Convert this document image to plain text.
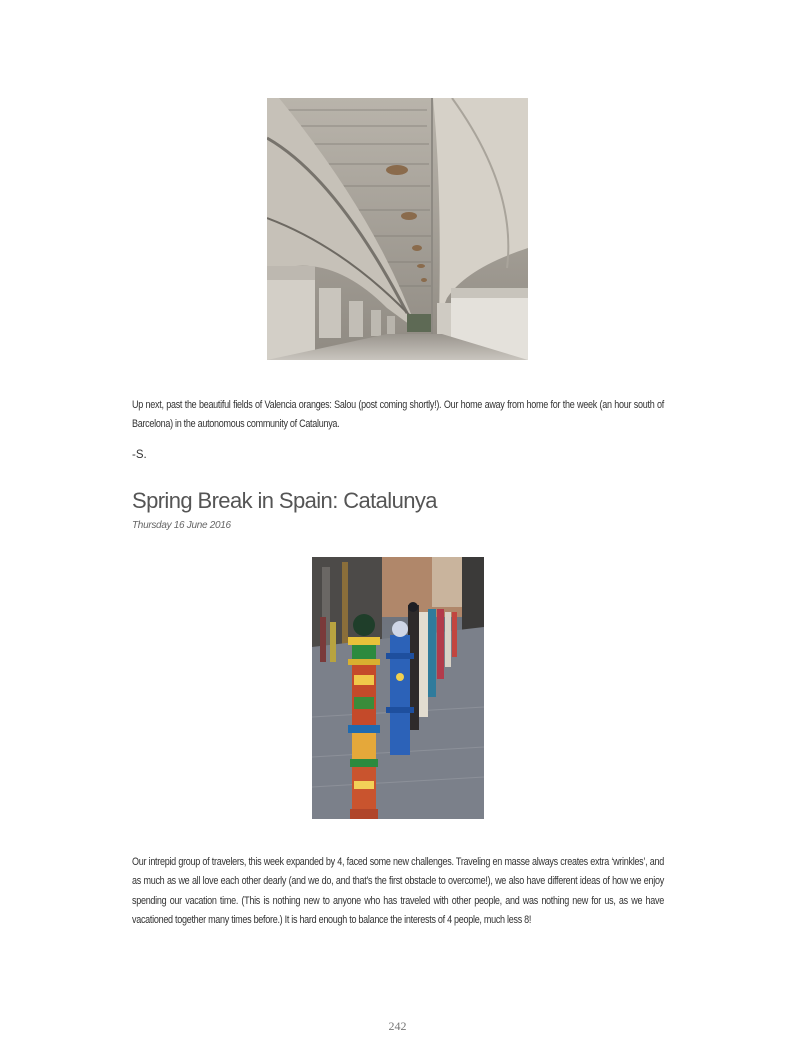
Up next, past the beautiful fields of Valencia oranges: Salou (post coming shortly!). Our home away from home for the week (an hour south of Barcelona) in the autonomous community of Catalunya.

-S.
Spring Break in Spain: Catalunya
Thursday 16 June 2016

Our intrepid group of travelers, this week expanded by 4, faced some new challenges. Traveling en masse always creates extra ‘wrinkles’, and as much as we all love each other dearly (and we do, and that’s the first obstacle to overcome!), we also have different ideas of how we enjoy spending our vacation time. (This is nothing new to anyone who has traveled with other people, and was nothing new for us, as we have vacationed together many times before.) It is hard enough to balance the interests of 4 people, much less 8!

242
